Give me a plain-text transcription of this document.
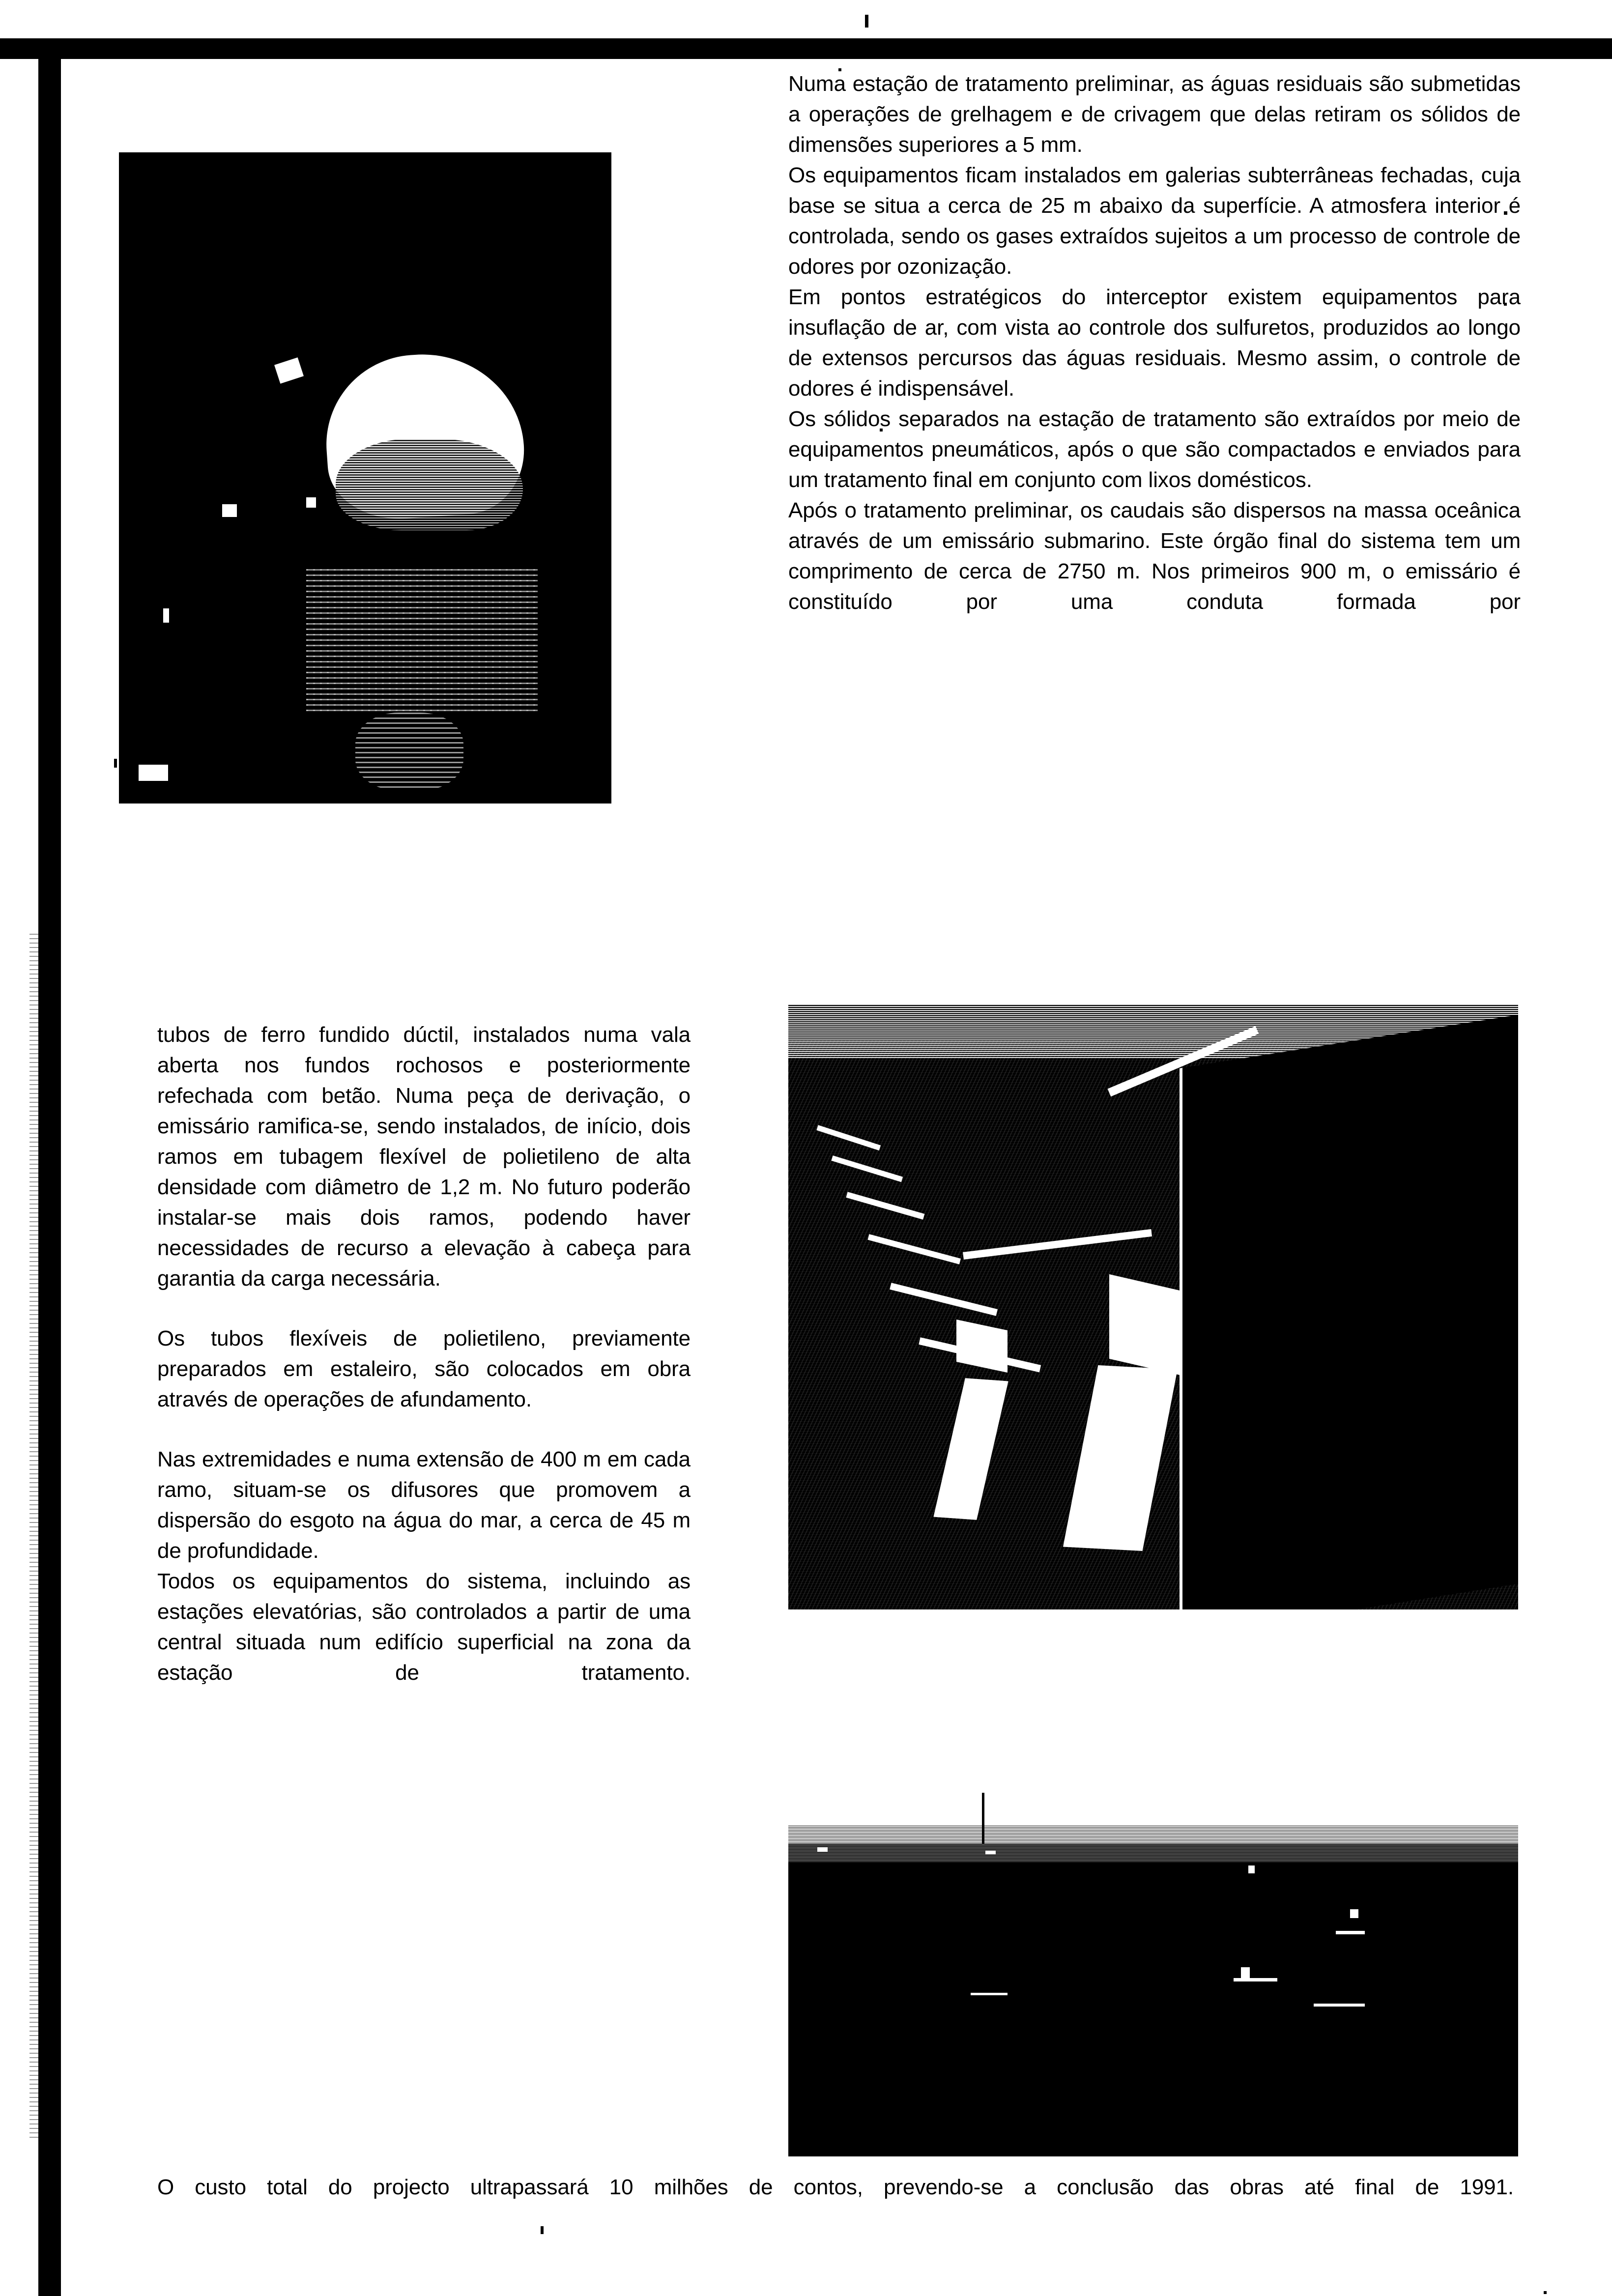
Numa estação de tratamento preliminar, as águas residuais são submetidas a operações de grelhagem e de crivagem que delas retiram os sólidos de dimensões superiores a 5 mm.

Os equipamentos ficam instalados em galerias subterrâneas fechadas, cuja base se situa a cerca de 25 m abaixo da superfície. A atmosfera interior é controlada, sendo os gases extraídos sujeitos a um processo de controle de odores por ozonização.

Em pontos estratégicos do interceptor existem equipamentos para insuflação de ar, com vista ao controle dos sulfuretos, produzidos ao longo de extensos percursos das águas residuais. Mesmo assim, o controle de odores é indispensável.

Os sólidos separados na estação de tratamento são extraídos por meio de equipamentos pneumáticos, após o que são compactados e enviados para um tratamento final em conjunto com lixos domésticos.

Após o tratamento preliminar, os caudais são dispersos na massa oceânica através de um emissário submarino. Este órgão final do sistema tem um comprimento de cerca de 2750 m. Nos primeiros 900 m, o emissário é constituído por uma conduta formada por

tubos de ferro fundido dúctil, instalados numa vala aberta nos fundos rochosos e posteriormente refechada com betão. Numa peça de derivação, o emissário ramifica-se, sendo instalados, de início, dois ramos em tubagem flexível de polietileno de alta densidade com diâmetro de 1,2 m. No futuro poderão instalar-se mais dois ramos, podendo haver necessidades de recurso a elevação à cabeça para garantia da carga necessária.

Os tubos flexíveis de polietileno, previamente preparados em estaleiro, são colocados em obra através de operações de afundamento.

Nas extremidades e numa extensão de 400 m em cada ramo, situam-se os difusores que promovem a dispersão do esgoto na água do mar, a cerca de 45 m de profundidade.

Todos os equipamentos do sistema, incluindo as estações elevatórias, são controlados a partir de uma central situada num edifício superficial na zona da estação de tratamento.

O custo total do projecto ultrapassará 10 milhões de contos, prevendo-se a conclusão das obras até final de 1991.
